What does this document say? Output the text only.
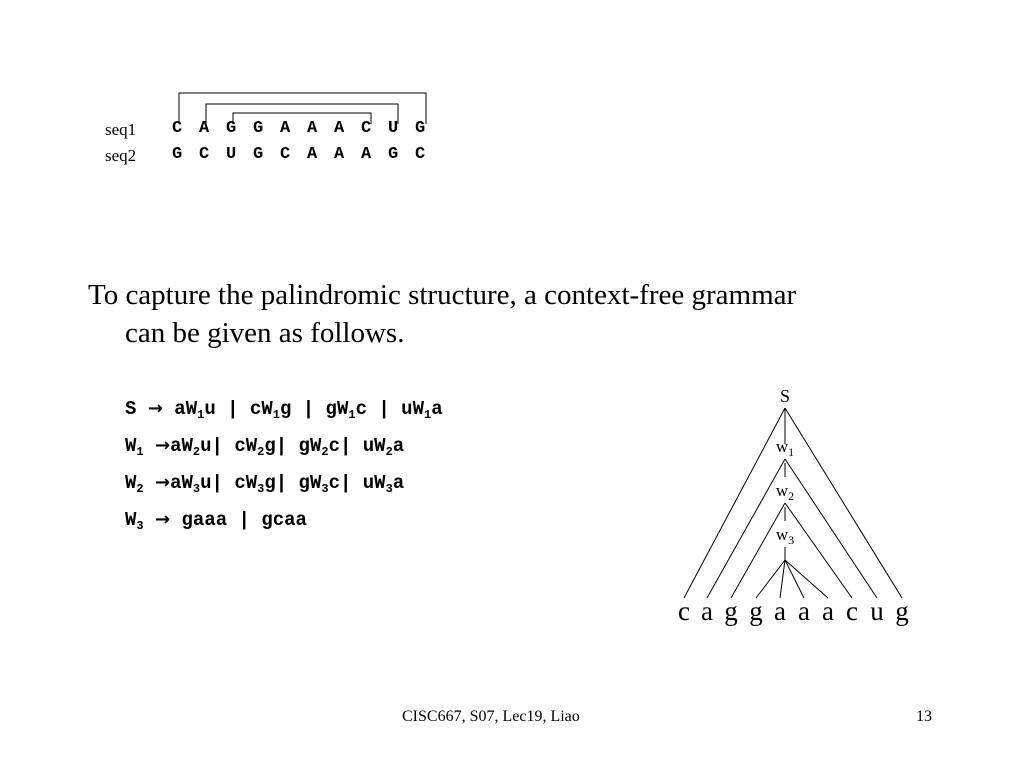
seq1 C A G G A A A C U G
seq2 G C U G C A A A G C
To capture the palindromic structure, a context-free grammar
can be given as follows.
$S \to aW_1u$ | $cW_1g$ | $gW_1c$ | $uW_1a$
$W_1 \to aW_2u|$ $cW_2g|$ $gW_2c|$ $uW_2a$
$W_2 \to aW_3u|$ $cW_3g|$ $gW_3c|$ $uW_3a$
$W_3$ → gaaa | gcaa
S
$w_1$
$w_2$
$w_3$
c a g g a a a c u g
CISC667, S07, Lec19, Liao	13
